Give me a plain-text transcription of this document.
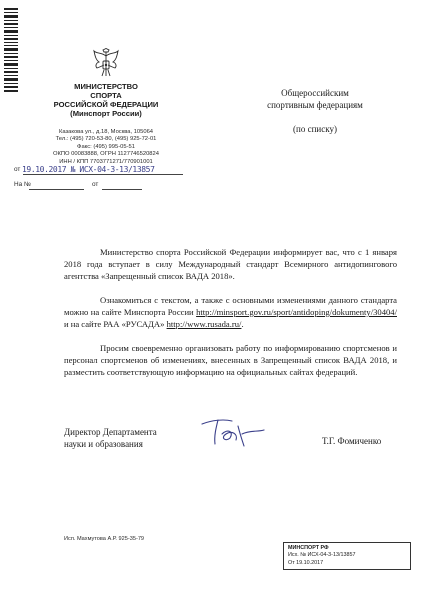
МИНИСТЕРСТВО
СПОРТА
РОССИЙСКОЙ ФЕДЕРАЦИИ
(Минспорт России)
Казакова ул., д.18, Москва, 105064
Тел.: (495) 720-53-80, (495) 925-72-01
Факс: (495) 995-05-51
ОКПО 00083888, ОГРН 1127746520824
ИНН / КПП 7703771271/770901001
от 19.10.2017 № ИСХ-04-3-13/13857
На №	от
Общероссийским
спортивным федерациям
(по списку)

Министерство спорта Российской Федерации информирует вас, что с 1 января 2018 года вступает в силу Международный стандарт Всемирного антидопингового агентства «Запрещенный список ВАДА 2018».

Ознакомиться с текстом, а также с основными изменениями данного стандарта можно на сайте Минспорта России http://minsport.gov.ru/sport/antidoping/dokumenty/30404/ и на сайте РАА «РУСАДА» http://www.rusada.ru/.

Просим своевременно организовать работу по информированию спортсменов и персонал спортсменов об изменениях, внесенных в Запрещенный список ВАДА 2018, и разместить соответствующую информацию на официальных сайтах федераций.

Директор Департамента
науки и образования	Т.Г. Фомиченко
Исп. Махмутова А.Р. 925-35-79
МИНСПОРТ РФ
Исх. № ИСХ-04-3-13/13857
От 19.10.2017
